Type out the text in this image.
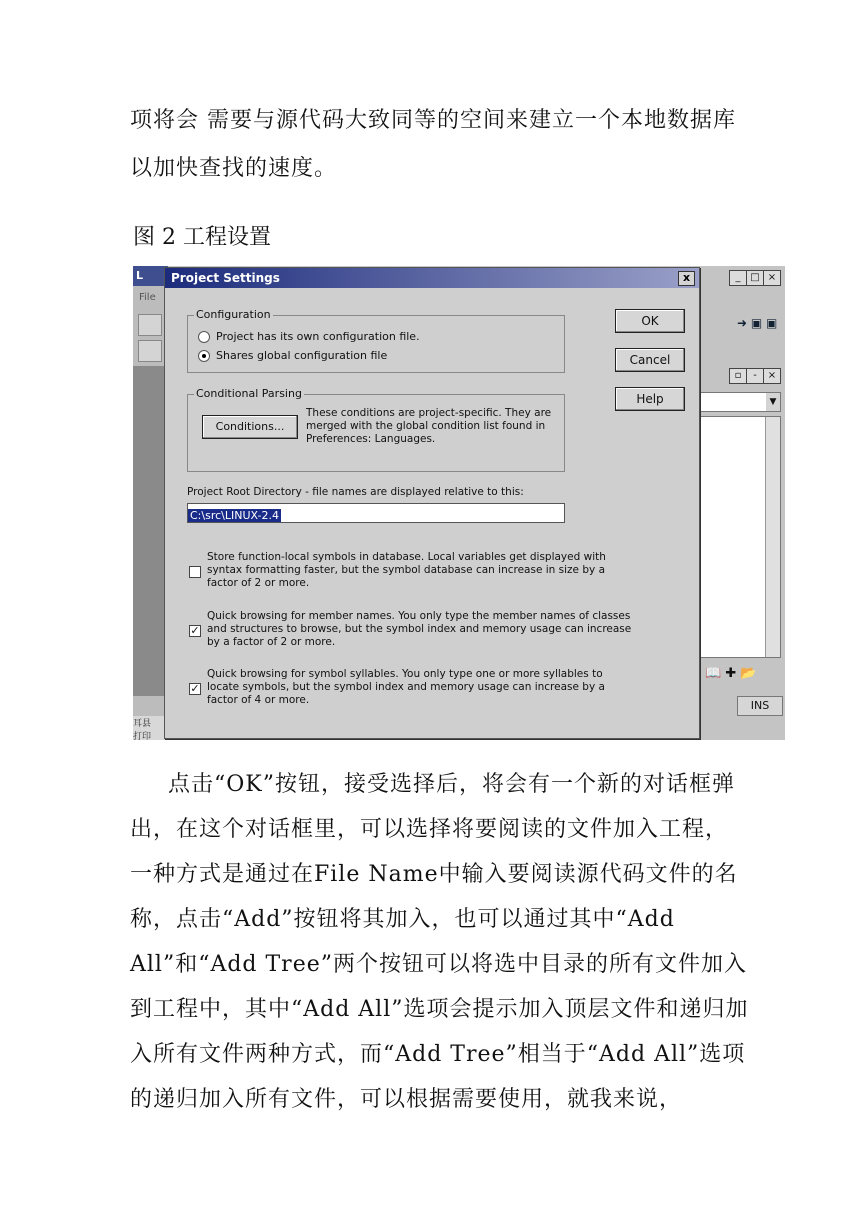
项将会 需要与源代码大致同等的空间来建立一个本地数据库以加快查找的速度。

图 2 工程设置
L
File
耳县
打印
_ □ ×
➜ ▣ ▣
▫	-	×
▼
📖 ✚ 📂
INS
Project Settings	x
Configuration
Project has its own configuration file.
Shares global configuration file
OK
Cancel
Help
Conditional Parsing
Conditions...
These conditions are project-specific. They are merged with the global condition list found in Preferences: Languages.
Project Root Directory - file names are displayed relative to this:
C:\src\LINUX-2.4
Store function-local symbols in database. Local variables get displayed with syntax formatting faster, but the symbol database can increase in size by a factor of 2 or more.
✓
Quick browsing for member names. You only type the member names of classes and structures to browse, but the symbol index and memory usage can increase by a factor of 2 or more.
✓
Quick browsing for symbol syllables. You only type one or more syllables to locate symbols, but the symbol index and memory usage can increase by a factor of 4 or more.

点击“OK”按钮，接受选择后，将会有一个新的对话框弹出，在这个对话框里，可以选择将要阅读的文件加入工程，一种方式是通过在File Name中输入要阅读源代码文件的名称，点击“Add”按钮将其加入，也可以通过其中“Add All”和“Add Tree”两个按钮可以将选中目录的所有文件加入到工程中，其中“Add All”选项会提示加入顶层文件和递归加入所有文件两种方式，而“Add Tree”相当于“Add All”选项的递归加入所有文件，可以根据需要使用，就我来说，
